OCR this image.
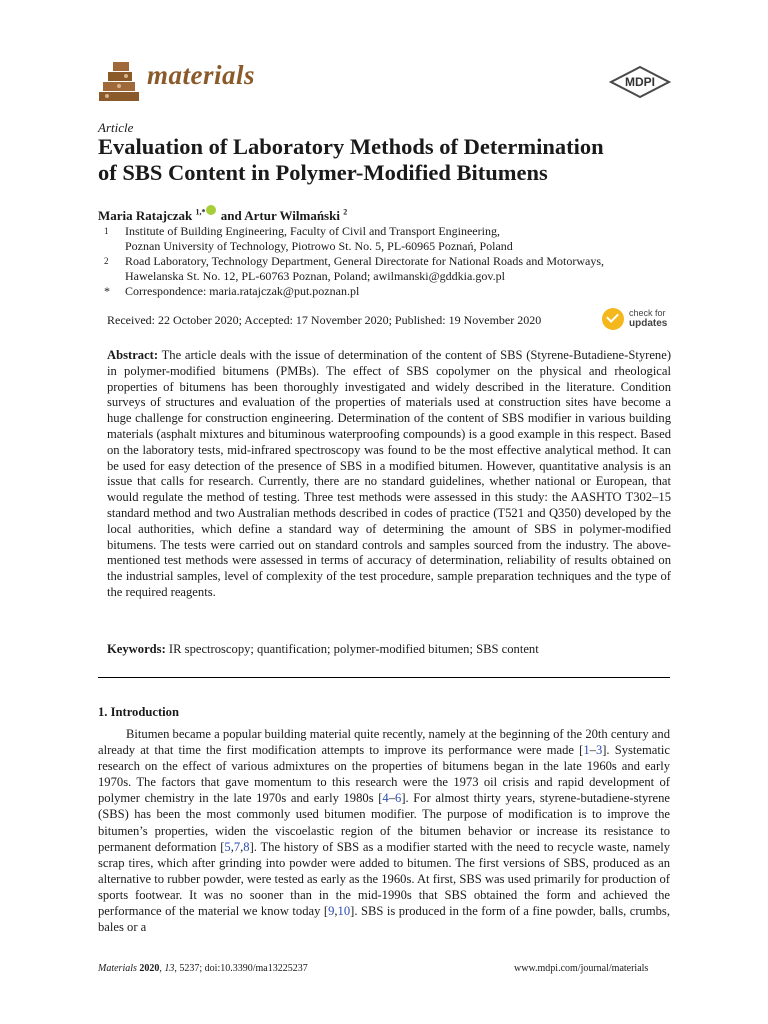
materials	MDPI
Article
Evaluation of Laboratory Methods of Determination
of SBS Content in Polymer-Modified Bitumens
Maria Ratajczak $^{1,*}$ and Artur Wilmański $^2$
1	Institute of Building Engineering, Faculty of Civil and Transport Engineering,
Poznan University of Technology, Piotrowo St. No. 5, PL-60965 Poznań, Poland
2	Road Laboratory, Technology Department, General Directorate for National Roads and Motorways,
Hawelanska St. No. 12, PL-60763 Poznan, Poland; awilmanski@gddkia.gov.pl
*	Correspondence: maria.ratajczak@put.poznan.pl
Received: 22 October 2020; Accepted: 17 November 2020; Published: 19 November 2020	check for
updates
Abstract: The article deals with the issue of determination of the content of SBS (Styrene-Butadiene-Styrene) in polymer-modified bitumens (PMBs). The effect of SBS copolymer on the physical and rheological properties of bitumens has been thoroughly investigated and widely described in the literature. Condition surveys of structures and evaluation of the properties of materials used at construction sites have become a huge challenge for construction engineering. Determination of the content of SBS modifier in various building materials (asphalt mixtures and bituminous waterproofing compounds) is a good example in this respect. Based on the laboratory tests, mid-infrared spectroscopy was found to be the most effective analytical method. It can be used for easy detection of the presence of SBS in a modified bitumen. However, quantitative analysis is an issue that calls for research. Currently, there are no standard guidelines, whether national or European, that would regulate the method of testing. Three test methods were assessed in this study: the AASHTO T302–15 standard method and two Australian methods described in codes of practice (T521 and Q350) developed by the local authorities, which define a standard way of determining the amount of SBS in polymer-modified bitumens. The tests were carried out on standard controls and samples sourced from the industry. The above-mentioned test methods were assessed in terms of accuracy of determination, reliability of results obtained on the industrial samples, level of complexity of the test procedure, sample preparation techniques and the type of the required reagents.
Keywords: IR spectroscopy; quantification; polymer-modified bitumen; SBS content
1. Introduction
Bitumen became a popular building material quite recently, namely at the beginning of the 20th century and already at that time the first modification attempts to improve its performance were made [1–3]. Systematic research on the effect of various admixtures on the properties of bitumens began in the late 1960s and early 1970s. The factors that gave momentum to this research were the 1973 oil crisis and rapid development of polymer chemistry in the late 1970s and early 1980s [4–6]. For almost thirty years, styrene-butadiene-styrene (SBS) has been the most commonly used bitumen modifier. The purpose of modification is to improve the bitumen’s properties, widen the viscoelastic region of the bitumen behavior or increase its resistance to permanent deformation [5,7,8]. The history of SBS as a modifier started with the need to recycle waste, namely scrap tires, which after grinding into powder were added to bitumen. The first versions of SBS, produced as an alternative to rubber powder, were tested as early as the 1960s. At first, SBS was used primarily for production of sports footwear. It was no sooner than in the mid-1990s that SBS obtained the form and achieved the performance of the material we know today [9,10]. SBS is produced in the form of a fine powder, balls, crumbs, bales or a
Materials 2020, 13, 5237; doi:10.3390/ma13225237	www.mdpi.com/journal/materials
